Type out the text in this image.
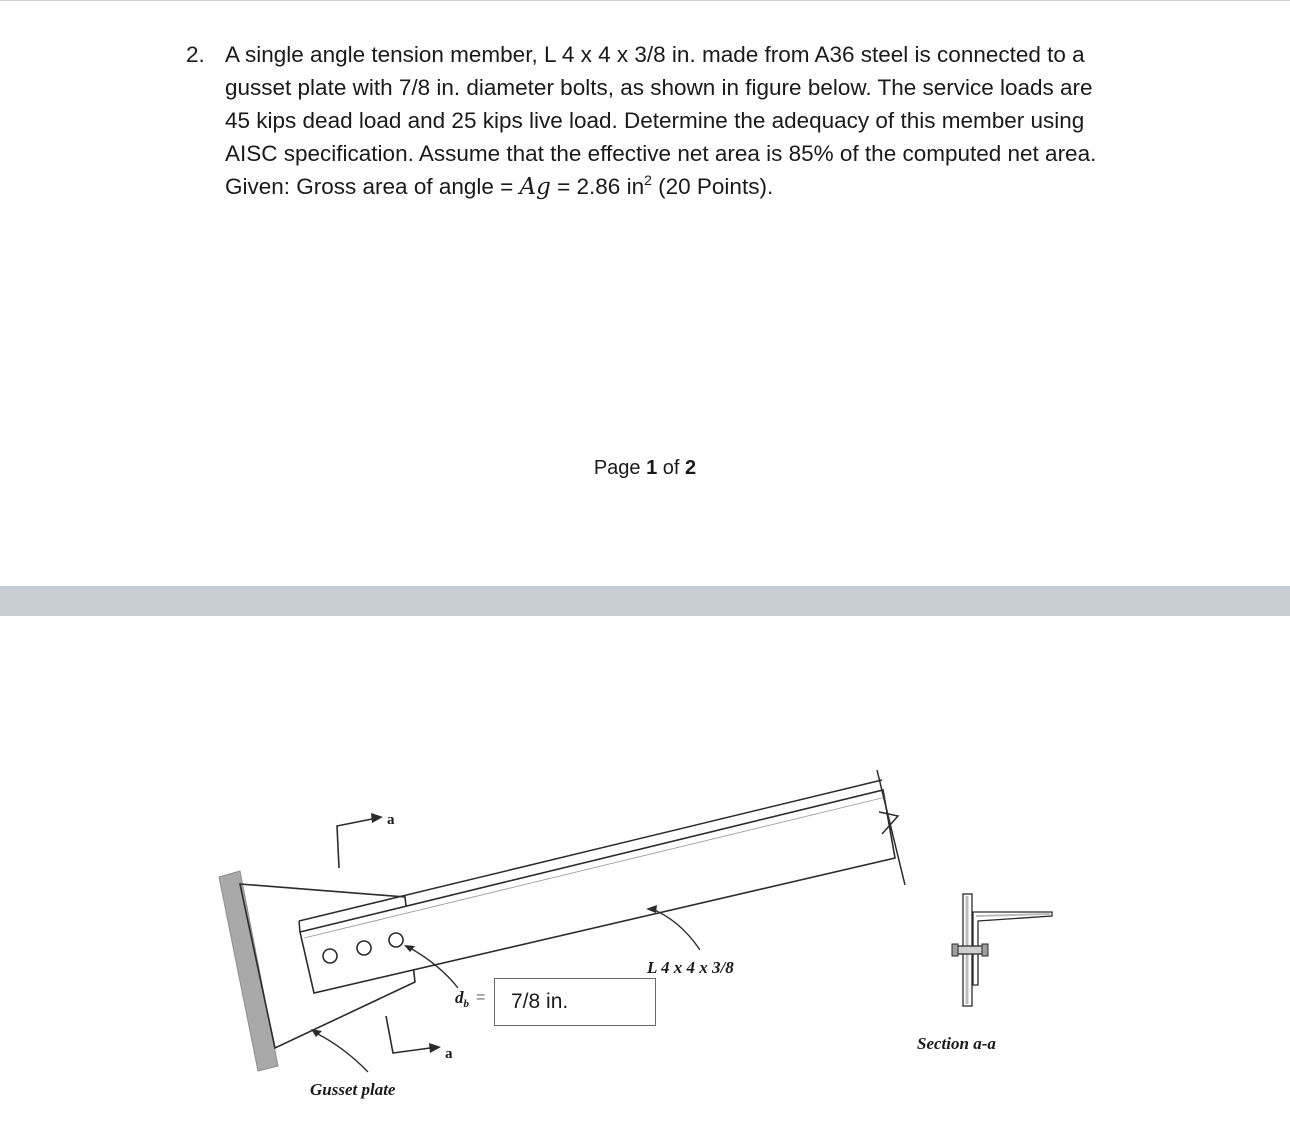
2. A single angle tension member, L 4 x 4 x 3/8 in. made from A36 steel is connected to a
gusset plate with 7/8 in. diameter bolts, as shown in figure below. The service loads are
45 kips dead load and 25 kips live load. Determine the adequacy of this member using
AISC specification. Assume that the effective net area is 85% of the computed net area.
Given: Gross area of angle = Ag = 2.86 $in^2$ (20 Points).
Page 1 of 2
a
a
L 4 x 4 x 3/8
Gusset plate
Section a-a
$d_b$ =	7/8 in.
